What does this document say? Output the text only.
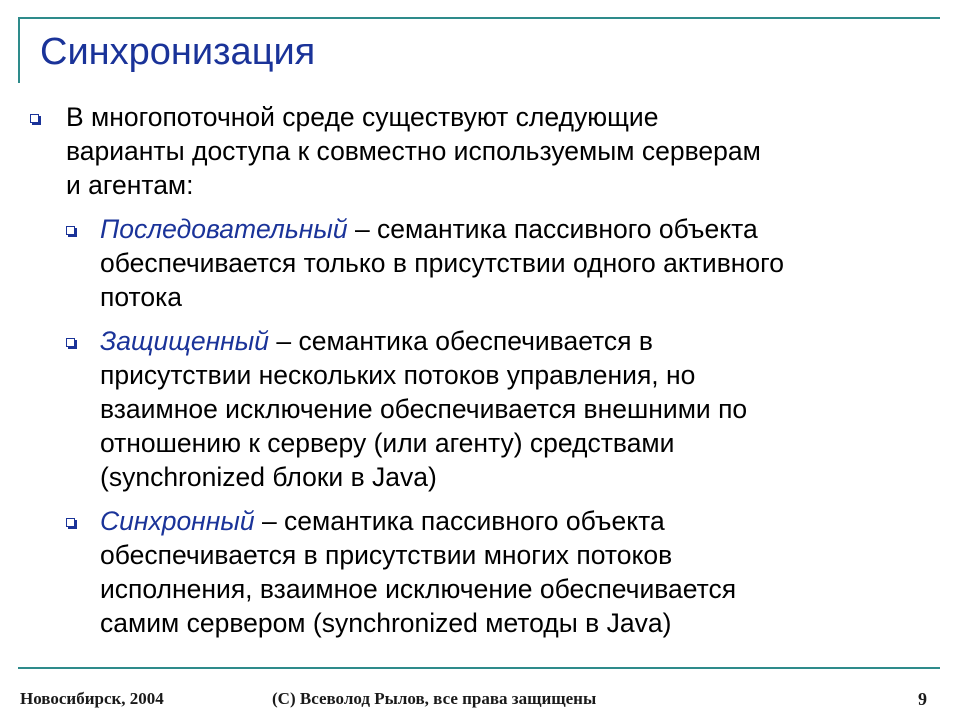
Синхронизация
В многопоточной среде существуют следующие
варианты доступа к совместно используемым серверам
и агентам:
Последовательный – семантика пассивного объекта
обеспечивается только в присутствии одного активного
потока
Защищенный – семантика обеспечивается в
присутствии нескольких потоков управления, но
взаимное исключение обеспечивается внешними по
отношению к серверу (или агенту) средствами
(synchronized блоки в Java)
Синхронный – семантика пассивного объекта
обеспечивается в присутствии многих потоков
исполнения, взаимное исключение обеспечивается
самим сервером (synchronized методы в Java)
Новосибирск, 2004	(C) Всеволод Рылов, все права защищены	9
